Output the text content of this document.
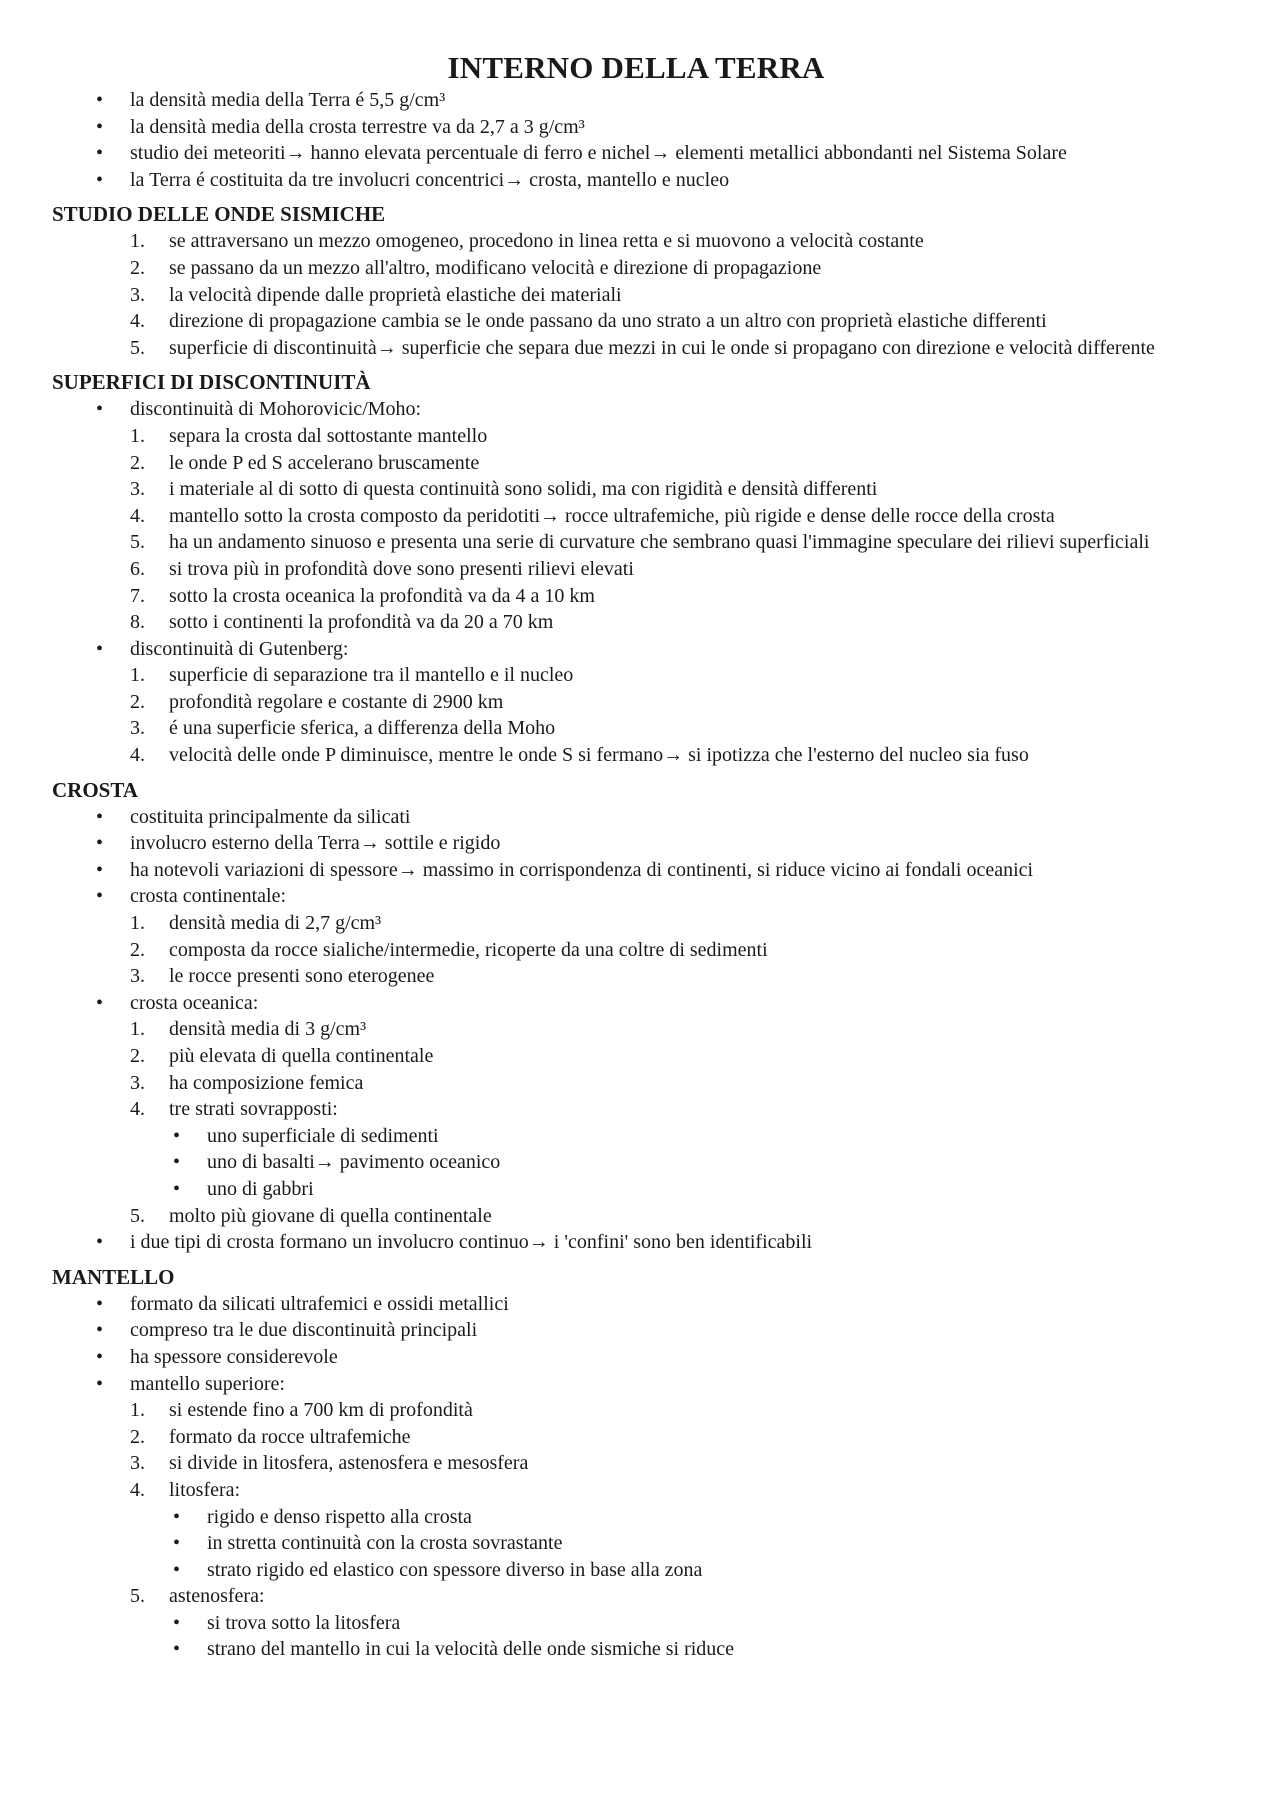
INTERNO DELLA TERRA
• la densità media della Terra é 5,5 g/cm³
• la densità media della crosta terrestre va da 2,7 a 3 g/cm³
• studio dei meteoriti→ hanno elevata percentuale di ferro e nichel→ elementi metallici abbondanti nel Sistema Solare
• la Terra é costituita da tre involucri concentrici→ crosta, mantello e nucleo
STUDIO DELLE ONDE SISMICHE
1. se attraversano un mezzo omogeneo, procedono in linea retta e si muovono a velocità costante
2. se passano da un mezzo all'altro, modificano velocità e direzione di propagazione
3. la velocità dipende dalle proprietà elastiche dei materiali
4. direzione di propagazione cambia se le onde passano da uno strato a un altro con proprietà elastiche differenti
5. superficie di discontinuità→ superficie che separa due mezzi in cui le onde si propagano con direzione e velocità differente
SUPERFICI DI DISCONTINUITÀ
• discontinuità di Mohorovicic/Moho:
1. separa la crosta dal sottostante mantello
2. le onde P ed S accelerano bruscamente
3. i materiale al di sotto di questa continuità sono solidi, ma con rigidità e densità differenti
4. mantello sotto la crosta composto da peridotiti→ rocce ultrafemiche, più rigide e dense delle rocce della crosta
5. ha un andamento sinuoso e presenta una serie di curvature che sembrano quasi l'immagine speculare dei rilievi superficiali
6. si trova più in profondità dove sono presenti rilievi elevati
7. sotto la crosta oceanica la profondità va da 4 a 10 km
8. sotto i continenti la profondità va da 20 a 70 km
• discontinuità di Gutenberg:
1. superficie di separazione tra il mantello e il nucleo
2. profondità regolare e costante di 2900 km
3. é una superficie sferica, a differenza della Moho
4. velocità delle onde P diminuisce, mentre le onde S si fermano→ si ipotizza che l'esterno del nucleo sia fuso
CROSTA
• costituita principalmente da silicati
• involucro esterno della Terra→ sottile e rigido
• ha notevoli variazioni di spessore→ massimo in corrispondenza di continenti, si riduce vicino ai fondali oceanici
• crosta continentale:
1. densità media di 2,7 g/cm³
2. composta da rocce sialiche/intermedie, ricoperte da una coltre di sedimenti
3. le rocce presenti sono eterogenee
• crosta oceanica:
1. densità media di 3 g/cm³
2. più elevata di quella continentale
3. ha composizione femica
4. tre strati sovrapposti:
• uno superficiale di sedimenti
• uno di basalti→ pavimento oceanico
• uno di gabbri
5. molto più giovane di quella continentale
• i due tipi di crosta formano un involucro continuo→ i 'confini' sono ben identificabili
MANTELLO
• formato da silicati ultrafemici e ossidi metallici
• compreso tra le due discontinuità principali
• ha spessore considerevole
• mantello superiore:
1. si estende fino a 700 km di profondità
2. formato da rocce ultrafemiche
3. si divide in litosfera, astenosfera e mesosfera
4. litosfera:
• rigido e denso rispetto alla crosta
• in stretta continuità con la crosta sovrastante
• strato rigido ed elastico con spessore diverso in base alla zona
5. astenosfera:
• si trova sotto la litosfera
• strano del mantello in cui la velocità delle onde sismiche si riduce
